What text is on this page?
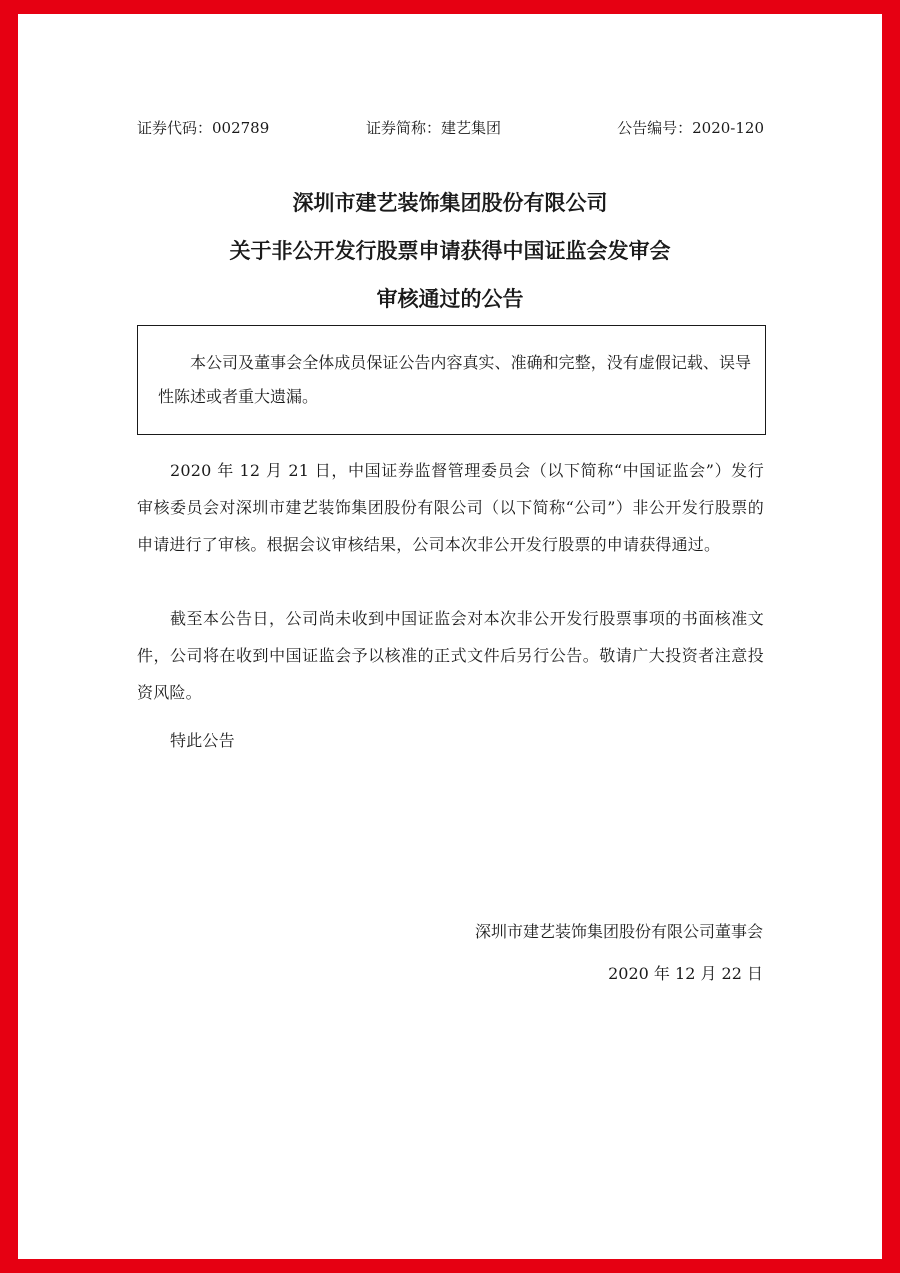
证券代码：002789	证券简称：建艺集团	公告编号：2020-120
深圳市建艺装饰集团股份有限公司
关于非公开发行股票申请获得中国证监会发审会
审核通过的公告

本公司及董事会全体成员保证公告内容真实、准确和完整，没有虚假记载、误导性陈述或者重大遗漏。

2020 年 12 月 21 日，中国证券监督管理委员会（以下简称“中国证监会”）发行审核委员会对深圳市建艺装饰集团股份有限公司（以下简称“公司”）非公开发行股票的申请进行了审核。根据会议审核结果，公司本次非公开发行股票的申请获得通过。

截至本公告日，公司尚未收到中国证监会对本次非公开发行股票事项的书面核准文件，公司将在收到中国证监会予以核准的正式文件后另行公告。敬请广大投资者注意投资风险。

特此公告

深圳市建艺装饰集团股份有限公司董事会
2020 年 12 月 22 日
